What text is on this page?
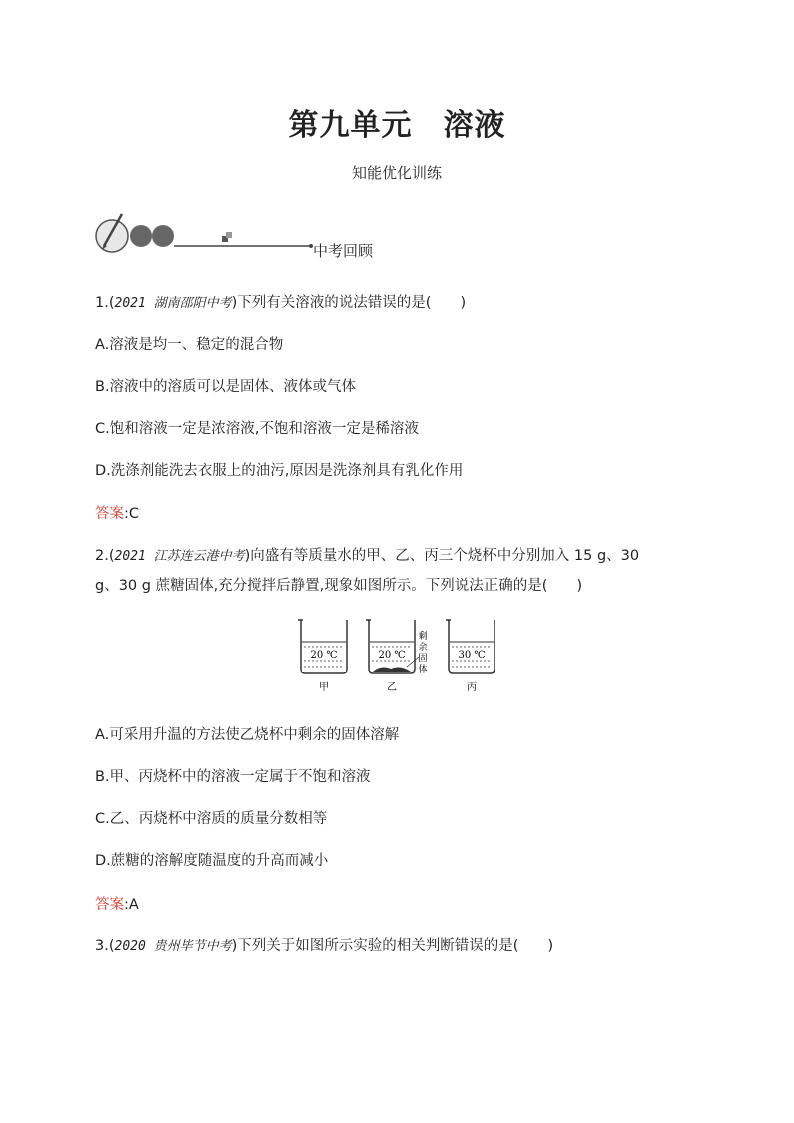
第九单元　溶液
知能优化训练
中考回顾
1.(2021 湖南邵阳中考)下列有关溶液的说法错误的是(　　)
A.溶液是均一、稳定的混合物
B.溶液中的溶质可以是固体、液体或气体
C.饱和溶液一定是浓溶液,不饱和溶液一定是稀溶液
D.洗涤剂能洗去衣服上的油污,原因是洗涤剂具有乳化作用
答案:C
2.(2021 江苏连云港中考)向盛有等质量水的甲、乙、丙三个烧杯中分别加入 15 g、30
g、30 g 蔗糖固体,充分搅拌后静置,现象如图所示。下列说法正确的是(　　)
20 ℃
甲
20 ℃
乙
剩
余
固
体
30 ℃
丙
A.可采用升温的方法使乙烧杯中剩余的固体溶解
B.甲、丙烧杯中的溶液一定属于不饱和溶液
C.乙、丙烧杯中溶质的质量分数相等
D.蔗糖的溶解度随温度的升高而减小
答案:A
3.(2020 贵州毕节中考)下列关于如图所示实验的相关判断错误的是(　　)
